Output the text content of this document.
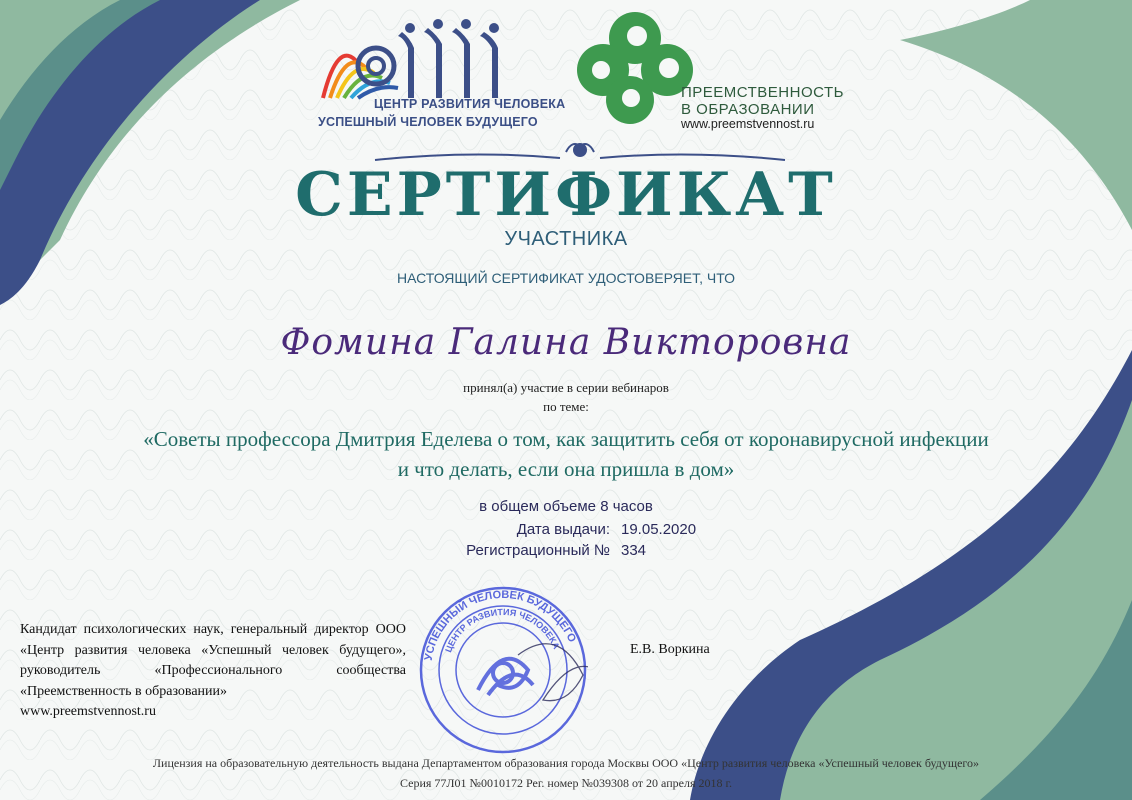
ЦЕНТР РАЗВИТИЯ ЧЕЛОВЕКА
УСПЕШНЫЙ ЧЕЛОВЕК БУДУЩЕГО
ПРЕЕМСТВЕННОСТЬ
В ОБРАЗОВАНИИ
www.preemstvennost.ru
СЕРТИФИКАТ
УЧАСТНИКА
НАСТОЯЩИЙ СЕРТИФИКАТ УДОСТОВЕРЯЕТ, ЧТО
Фомина Галина Викторовна
принял(а) участие в серии вебинаров
по теме:
«Советы профессора Дмитрия Еделева о том, как защитить себя от коронавирусной инфекции
и что делать, если она пришла в дом»
в общем объеме 8 часов
Дата выдачи: 19.05.2020
Регистрационный № 334
Кандидат психологических наук, генеральный директор ООО «Центр развития человека «Успешный человек будущего», руководитель «Профессионального сообщества «Преемственность в образовании»
www.preemstvennost.ru
Е.В. Воркина
УСПЕШНЫЙ ЧЕЛОВЕК БУДУЩЕГО
ЦЕНТР РАЗВИТИЯ ЧЕЛОВЕКА
Лицензия на образовательную деятельность выдана Департаментом образования города Москвы ООО «Центр развития человека «Успешный человек будущего»
Серия 77Л01 №0010172 Рег. номер №039308 от 20 апреля 2018 г.
